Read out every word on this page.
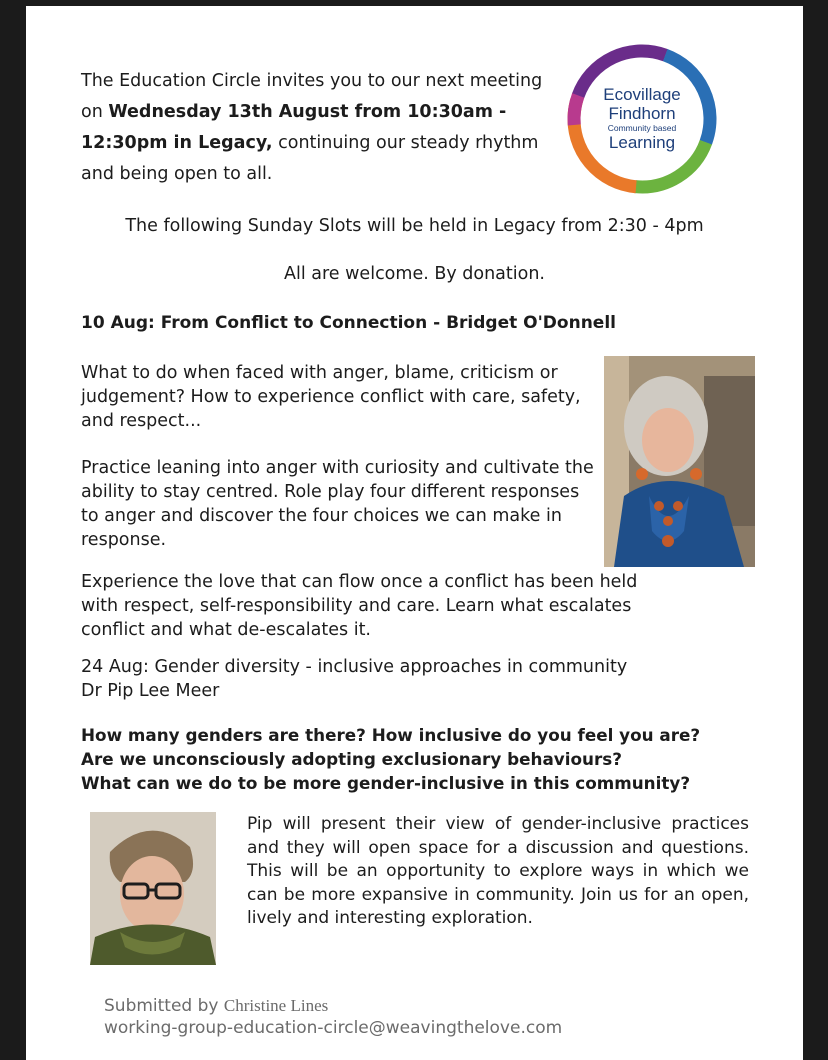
The Education Circle invites you to our next meeting on Wednesday 13th August from 10:30am - 12:30pm in Legacy, continuing our steady rhythm and being open to all.
Ecovillage
Findhorn
Community based
Learning
The following Sunday Slots will be held in Legacy from 2:30 - 4pm
All are welcome. By donation.
10 Aug: From Conflict to Connection - Bridget O'Donnell
What to do when faced with anger, blame, criticism or judgement? How to experience conflict with care, safety, and respect...
Practice leaning into anger with curiosity and cultivate the ability to stay centred. Role play four different responses to anger and discover the four choices we can make in response.
Experience the love that can flow once a conflict has been held with respect, self-responsibility and care. Learn what escalates conflict and what de-escalates it.
24 Aug: Gender diversity - inclusive approaches in community
Dr Pip Lee Meer
How many genders are there? How inclusive do you feel you are?
Are we unconsciously adopting exclusionary behaviours?
What can we do to be more gender-inclusive in this community?
Pip will present their view of gender-inclusive practices and they will open space for a discussion and questions. This will be an opportunity to explore ways in which we can be more expansive in community. Join us for an open, lively and interesting exploration.
Submitted by Christine Lines
working-group-education-circle@weavingthelove.com
